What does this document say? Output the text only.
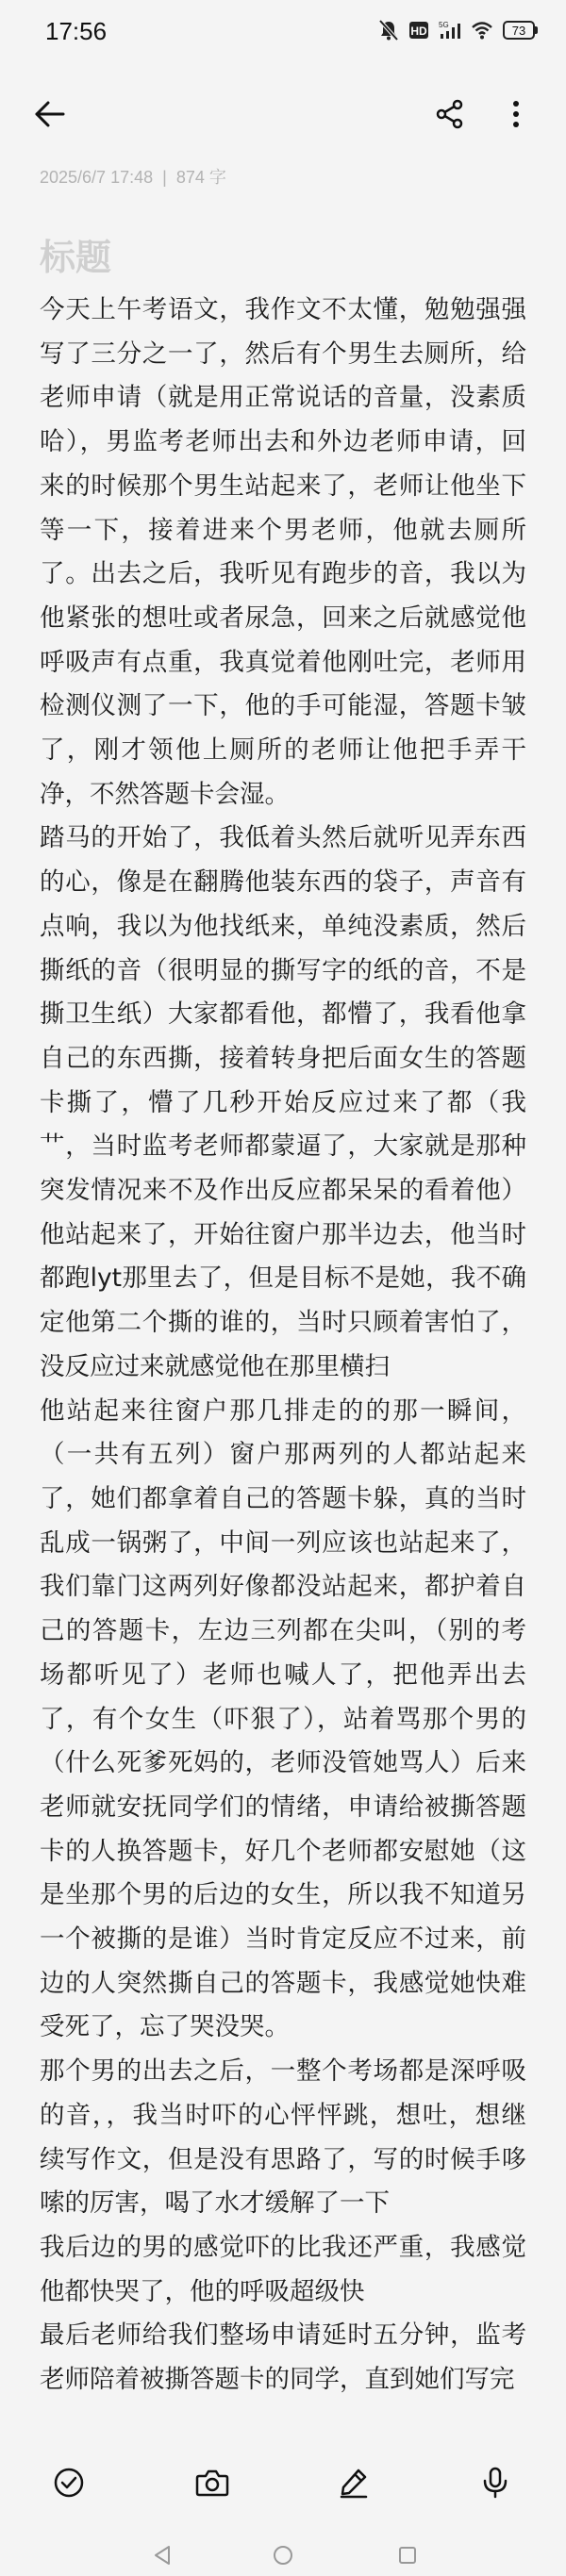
17:56	HD 5G	73
2025/6/7 17:48 | 874 字
标题

今天上午考语文，我作文不太懂，勉勉强强写了三分之一了，然后有个男生去厕所，给老师申请（就是用正常说话的音量，没素质哈），男监考老师出去和外边老师申请，回来的时候那个男生站起来了，老师让他坐下等一下，接着进来个男老师，他就去厕所了。出去之后，我听见有跑步的音，我以为他紧张的想吐或者尿急，回来之后就感觉他呼吸声有点重，我真觉着他刚吐完，老师用检测仪测了一下，他的手可能湿，答题卡皱了，刚才领他上厕所的老师让他把手弄干净，不然答题卡会湿。

踏马的开始了，我低着头然后就听见弄东西的心，像是在翻腾他装东西的袋子，声音有点响，我以为他找纸来，单纯没素质，然后撕纸的音（很明显的撕写字的纸的音，不是撕卫生纸）大家都看他，都懵了，我看他拿自己的东西撕，接着转身把后面女生的答题卡撕了，懵了几秒开始反应过来了都（我艹，当时监考老师都蒙逼了，大家就是那种突发情况来不及作出反应都呆呆的看着他）他站起来了，开始往窗户那半边去，他当时都跑lyt那里去了，但是目标不是她，我不确定他第二个撕的谁的，当时只顾着害怕了，没反应过来就感觉他在那里横扫

他站起来往窗户那几排走的的那一瞬间，（一共有五列）窗户那两列的人都站起来了，她们都拿着自己的答题卡躲，真的当时乱成一锅粥了，中间一列应该也站起来了，我们靠门这两列好像都没站起来，都护着自己的答题卡，左边三列都在尖叫，（别的考场都听见了）老师也喊人了，把他弄出去了，有个女生（吓狠了），站着骂那个男的（什么死爹死妈的，老师没管她骂人）后来老师就安抚同学们的情绪，申请给被撕答题卡的人换答题卡，好几个老师都安慰她（这是坐那个男的后边的女生，所以我不知道另一个被撕的是谁）当时肯定反应不过来，前边的人突然撕自己的答题卡，我感觉她快难受死了，忘了哭没哭。

那个男的出去之后，一整个考场都是深呼吸的音，，我当时吓的心怦怦跳，想吐，想继续写作文，但是没有思路了，写的时候手哆嗦的厉害，喝了水才缓解了一下

我后边的男的感觉吓的比我还严重，我感觉他都快哭了，他的呼吸超级快

最后老师给我们整场申请延时五分钟，监考老师陪着被撕答题卡的同学，直到她们写完
